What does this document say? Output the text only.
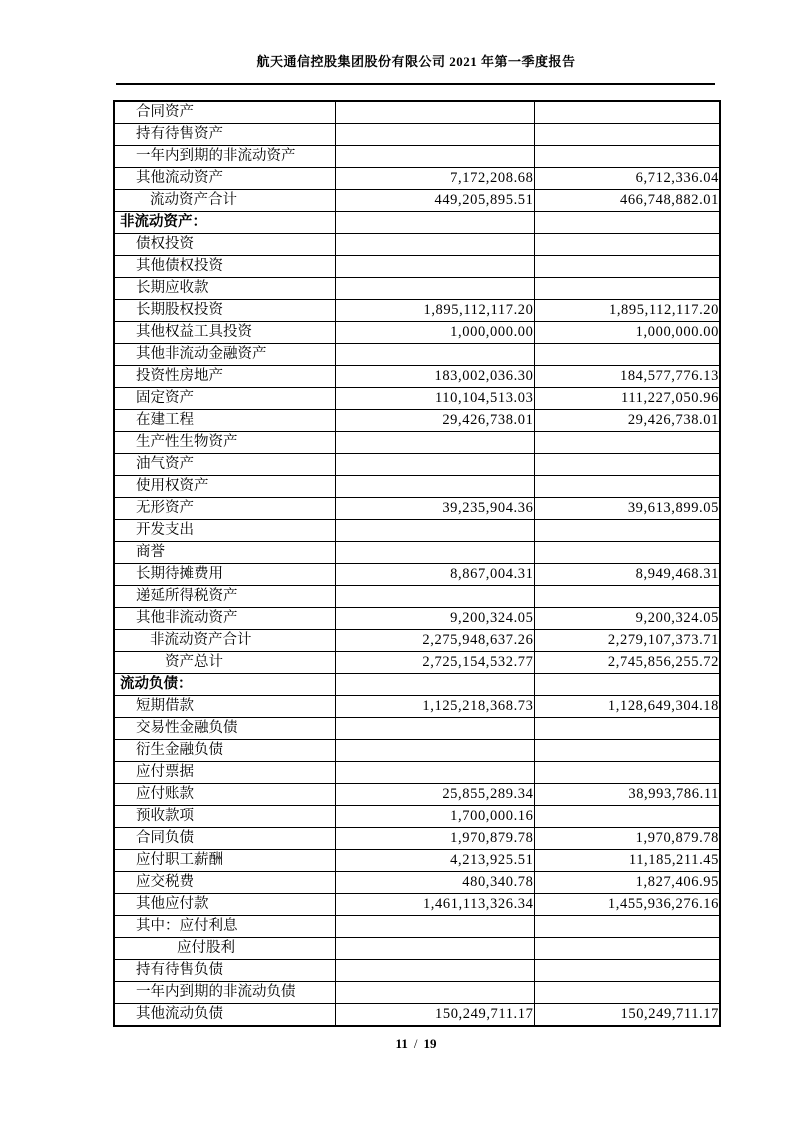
航天通信控股集团股份有限公司 2021 年第一季度报告
合同资产		
持有待售资产		
一年内到期的非流动资产		
其他流动资产	7,172,208.68	6,712,336.04
流动资产合计	449,205,895.51	466,748,882.01
非流动资产：		
债权投资		
其他债权投资		
长期应收款		
长期股权投资	1,895,112,117.20	1,895,112,117.20
其他权益工具投资	1,000,000.00	1,000,000.00
其他非流动金融资产		
投资性房地产	183,002,036.30	184,577,776.13
固定资产	110,104,513.03	111,227,050.96
在建工程	29,426,738.01	29,426,738.01
生产性生物资产		
油气资产		
使用权资产		
无形资产	39,235,904.36	39,613,899.05
开发支出		
商誉		
长期待摊费用	8,867,004.31	8,949,468.31
递延所得税资产		
其他非流动资产	9,200,324.05	9,200,324.05
非流动资产合计	2,275,948,637.26	2,279,107,373.71
资产总计	2,725,154,532.77	2,745,856,255.72
流动负债：		
短期借款	1,125,218,368.73	1,128,649,304.18
交易性金融负债		
衍生金融负债		
应付票据		
应付账款	25,855,289.34	38,993,786.11
预收款项	1,700,000.16	
合同负债	1,970,879.78	1,970,879.78
应付职工薪酬	4,213,925.51	11,185,211.45
应交税费	480,340.78	1,827,406.95
其他应付款	1,461,113,326.34	1,455,936,276.16
其中：应付利息		
应付股利		
持有待售负债		
一年内到期的非流动负债		
其他流动负债	150,249,711.17	150,249,711.17
11 / 19
